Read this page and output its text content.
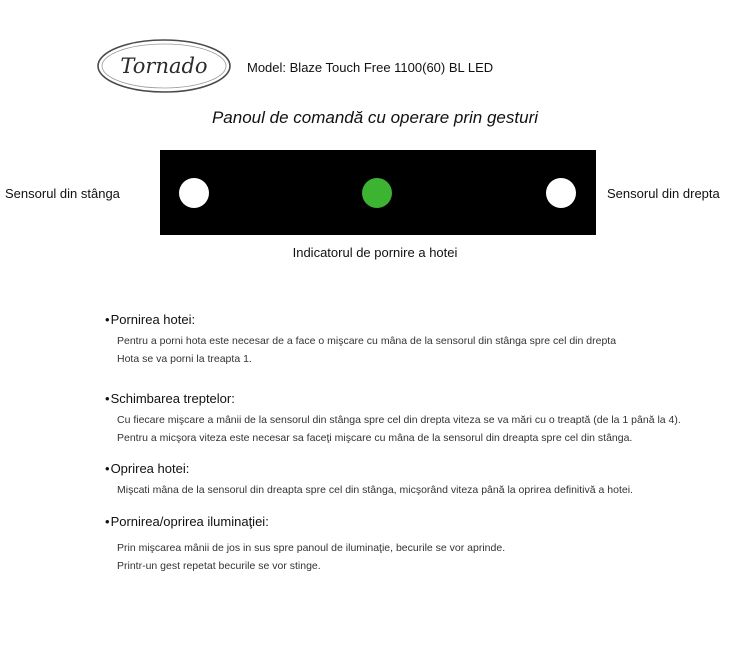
Tornado	Model: Blaze Touch Free 1100(60) BL LED
Panoul de comandă cu operare prin gesturi
Sensorul din stânga	Sensorul din drepta
Indicatorul de pornire a hotei
•Pornirea hotei:
Pentru a porni hota este necesar de a face o mişcare cu mâna de la sensorul din stânga spre cel din drepta
Hota se va porni la treapta 1.
•Schimbarea treptelor:
Cu fiecare mişcare a mânii de la sensorul din stânga spre cel din drepta viteza se va mări cu o treaptă (de la 1 până la 4).
Pentru a micşora viteza este necesar sa faceţi mişcare cu mâna de la sensorul din dreapta spre cel din stânga.
•Oprirea hotei:
Mişcati mâna de la sensorul din dreapta spre cel din stânga, micşorând viteza până la oprirea definitivă a hotei.
•Pornirea/oprirea iluminaţiei:
Prin mişcarea mânii de jos in sus spre panoul de iluminaţie, becurile se vor aprinde.
Printr-un gest repetat becurile se vor stinge.
